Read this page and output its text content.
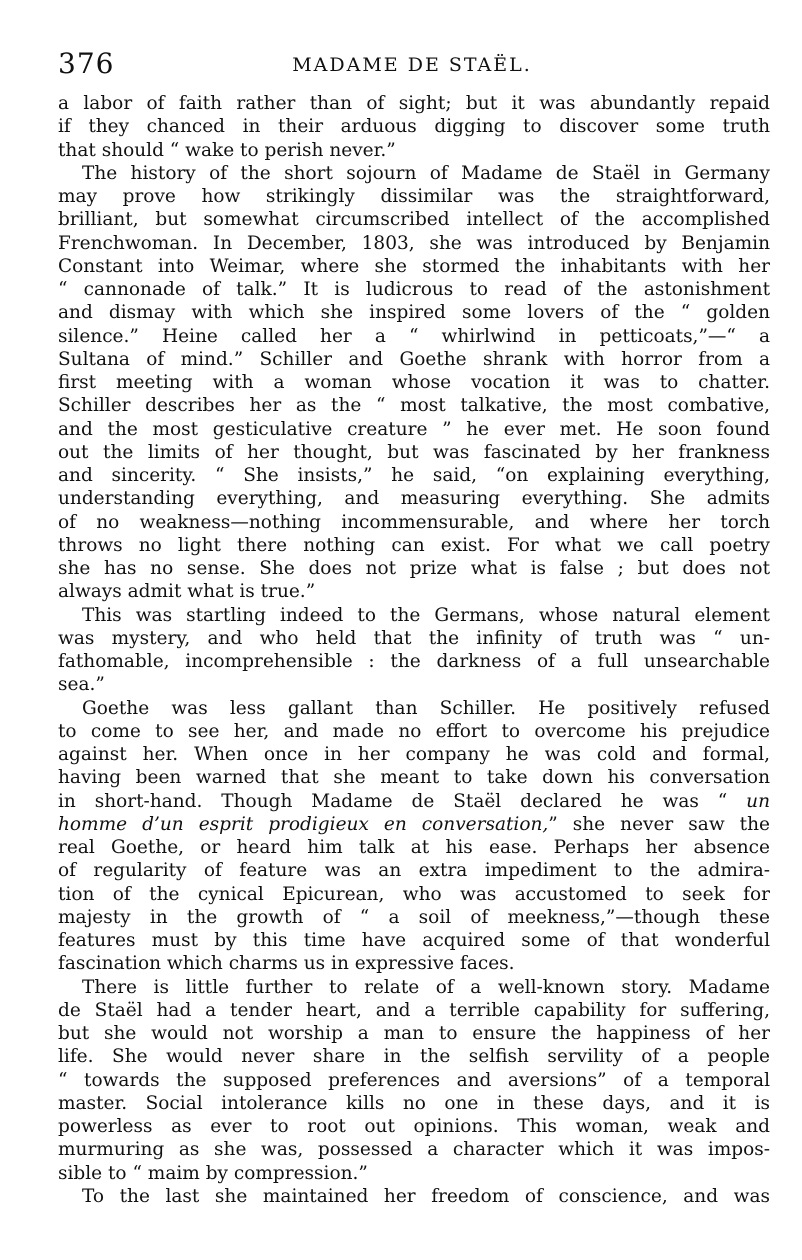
376	MADAME DE STAËL.
a labor of faith rather than of sight; but it was abundantly repaid
if they chanced in their arduous digging to discover some truth
that should “ wake to perish never.”
The history of the short sojourn of Madame de Staël in Germany
may prove how strikingly dissimilar was the straightforward,
brilliant, but somewhat circumscribed intellect of the accomplished
Frenchwoman. In December, 1803, she was introduced by Benjamin
Constant into Weimar, where she stormed the inhabitants with her
“ cannonade of talk.” It is ludicrous to read of the astonishment
and dismay with which she inspired some lovers of the “ golden
silence.” Heine called her a “ whirlwind in petticoats,”—“ a
Sultana of mind.” Schiller and Goethe shrank with horror from a
first meeting with a woman whose vocation it was to chatter.
Schiller describes her as the “ most talkative, the most combative,
and the most gesticulative creature ” he ever met. He soon found
out the limits of her thought, but was fascinated by her frankness
and sincerity. “ She insists,” he said, “on explaining everything,
understanding everything, and measuring everything. She admits
of no weakness—nothing incommensurable, and where her torch
throws no light there nothing can exist. For what we call poetry
she has no sense. She does not prize what is false ; but does not
always admit what is true.”
This was startling indeed to the Germans, whose natural element
was mystery, and who held that the infinity of truth was “ un-
fathomable, incomprehensible : the darkness of a full unsearchable
sea.”
Goethe was less gallant than Schiller. He positively refused
to come to see her, and made no effort to overcome his prejudice
against her. When once in her company he was cold and formal,
having been warned that she meant to take down his conversation
in short-hand. Though Madame de Staël declared he was “ un
homme d’un esprit prodigieux en conversation,” she never saw the
real Goethe, or heard him talk at his ease. Perhaps her absence
of regularity of feature was an extra impediment to the admira-
tion of the cynical Epicurean, who was accustomed to seek for
majesty in the growth of “ a soil of meekness,”—though these
features must by this time have acquired some of that wonderful
fascination which charms us in expressive faces.
There is little further to relate of a well-known story. Madame
de Staël had a tender heart, and a terrible capability for suffering,
but she would not worship a man to ensure the happiness of her
life. She would never share in the selfish servility of a people
“ towards the supposed preferences and aversions” of a temporal
master. Social intolerance kills no one in these days, and it is
powerless as ever to root out opinions. This woman, weak and
murmuring as she was, possessed a character which it was impos-
sible to “ maim by compression.”
To the last she maintained her freedom of conscience, and was
